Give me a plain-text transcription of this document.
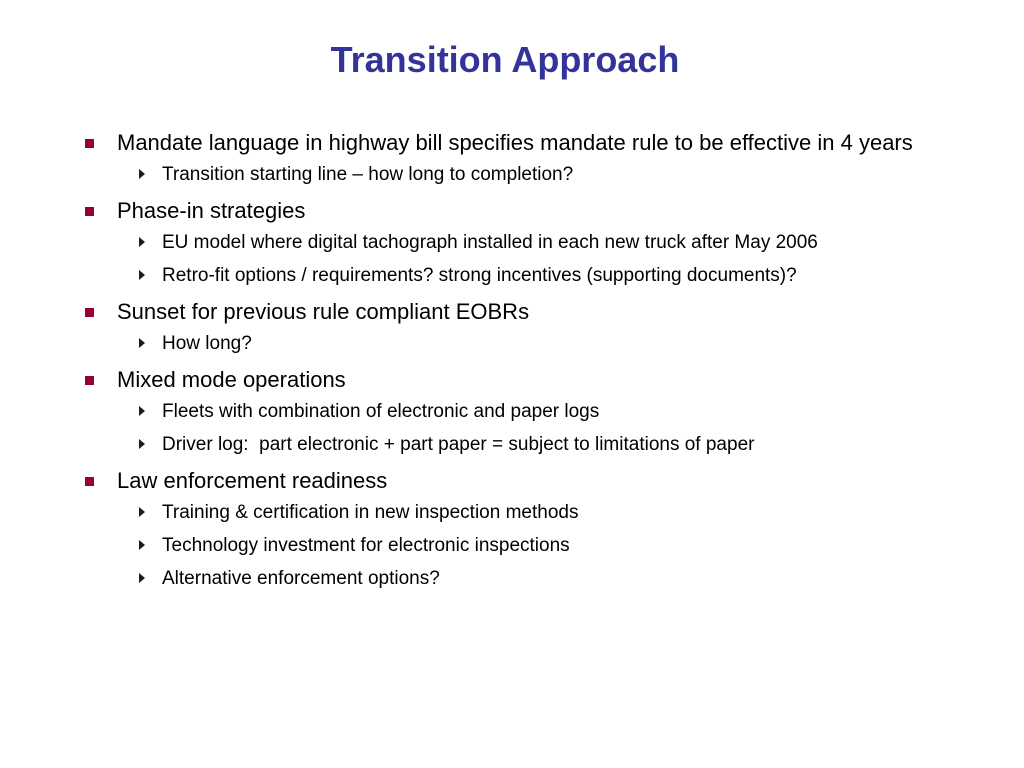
Transition Approach
Mandate language in highway bill specifies mandate rule to be effective in 4 years
Transition starting line – how long to completion?
Phase-in strategies
EU model where digital tachograph installed in each new truck after May 2006
Retro-fit options / requirements? strong incentives (supporting documents)?
Sunset for previous rule compliant EOBRs
How long?
Mixed mode operations
Fleets with combination of electronic and paper logs
Driver log:  part electronic + part paper = subject to limitations of paper
Law enforcement readiness
Training & certification in new inspection methods
Technology investment for electronic inspections
Alternative enforcement options?
